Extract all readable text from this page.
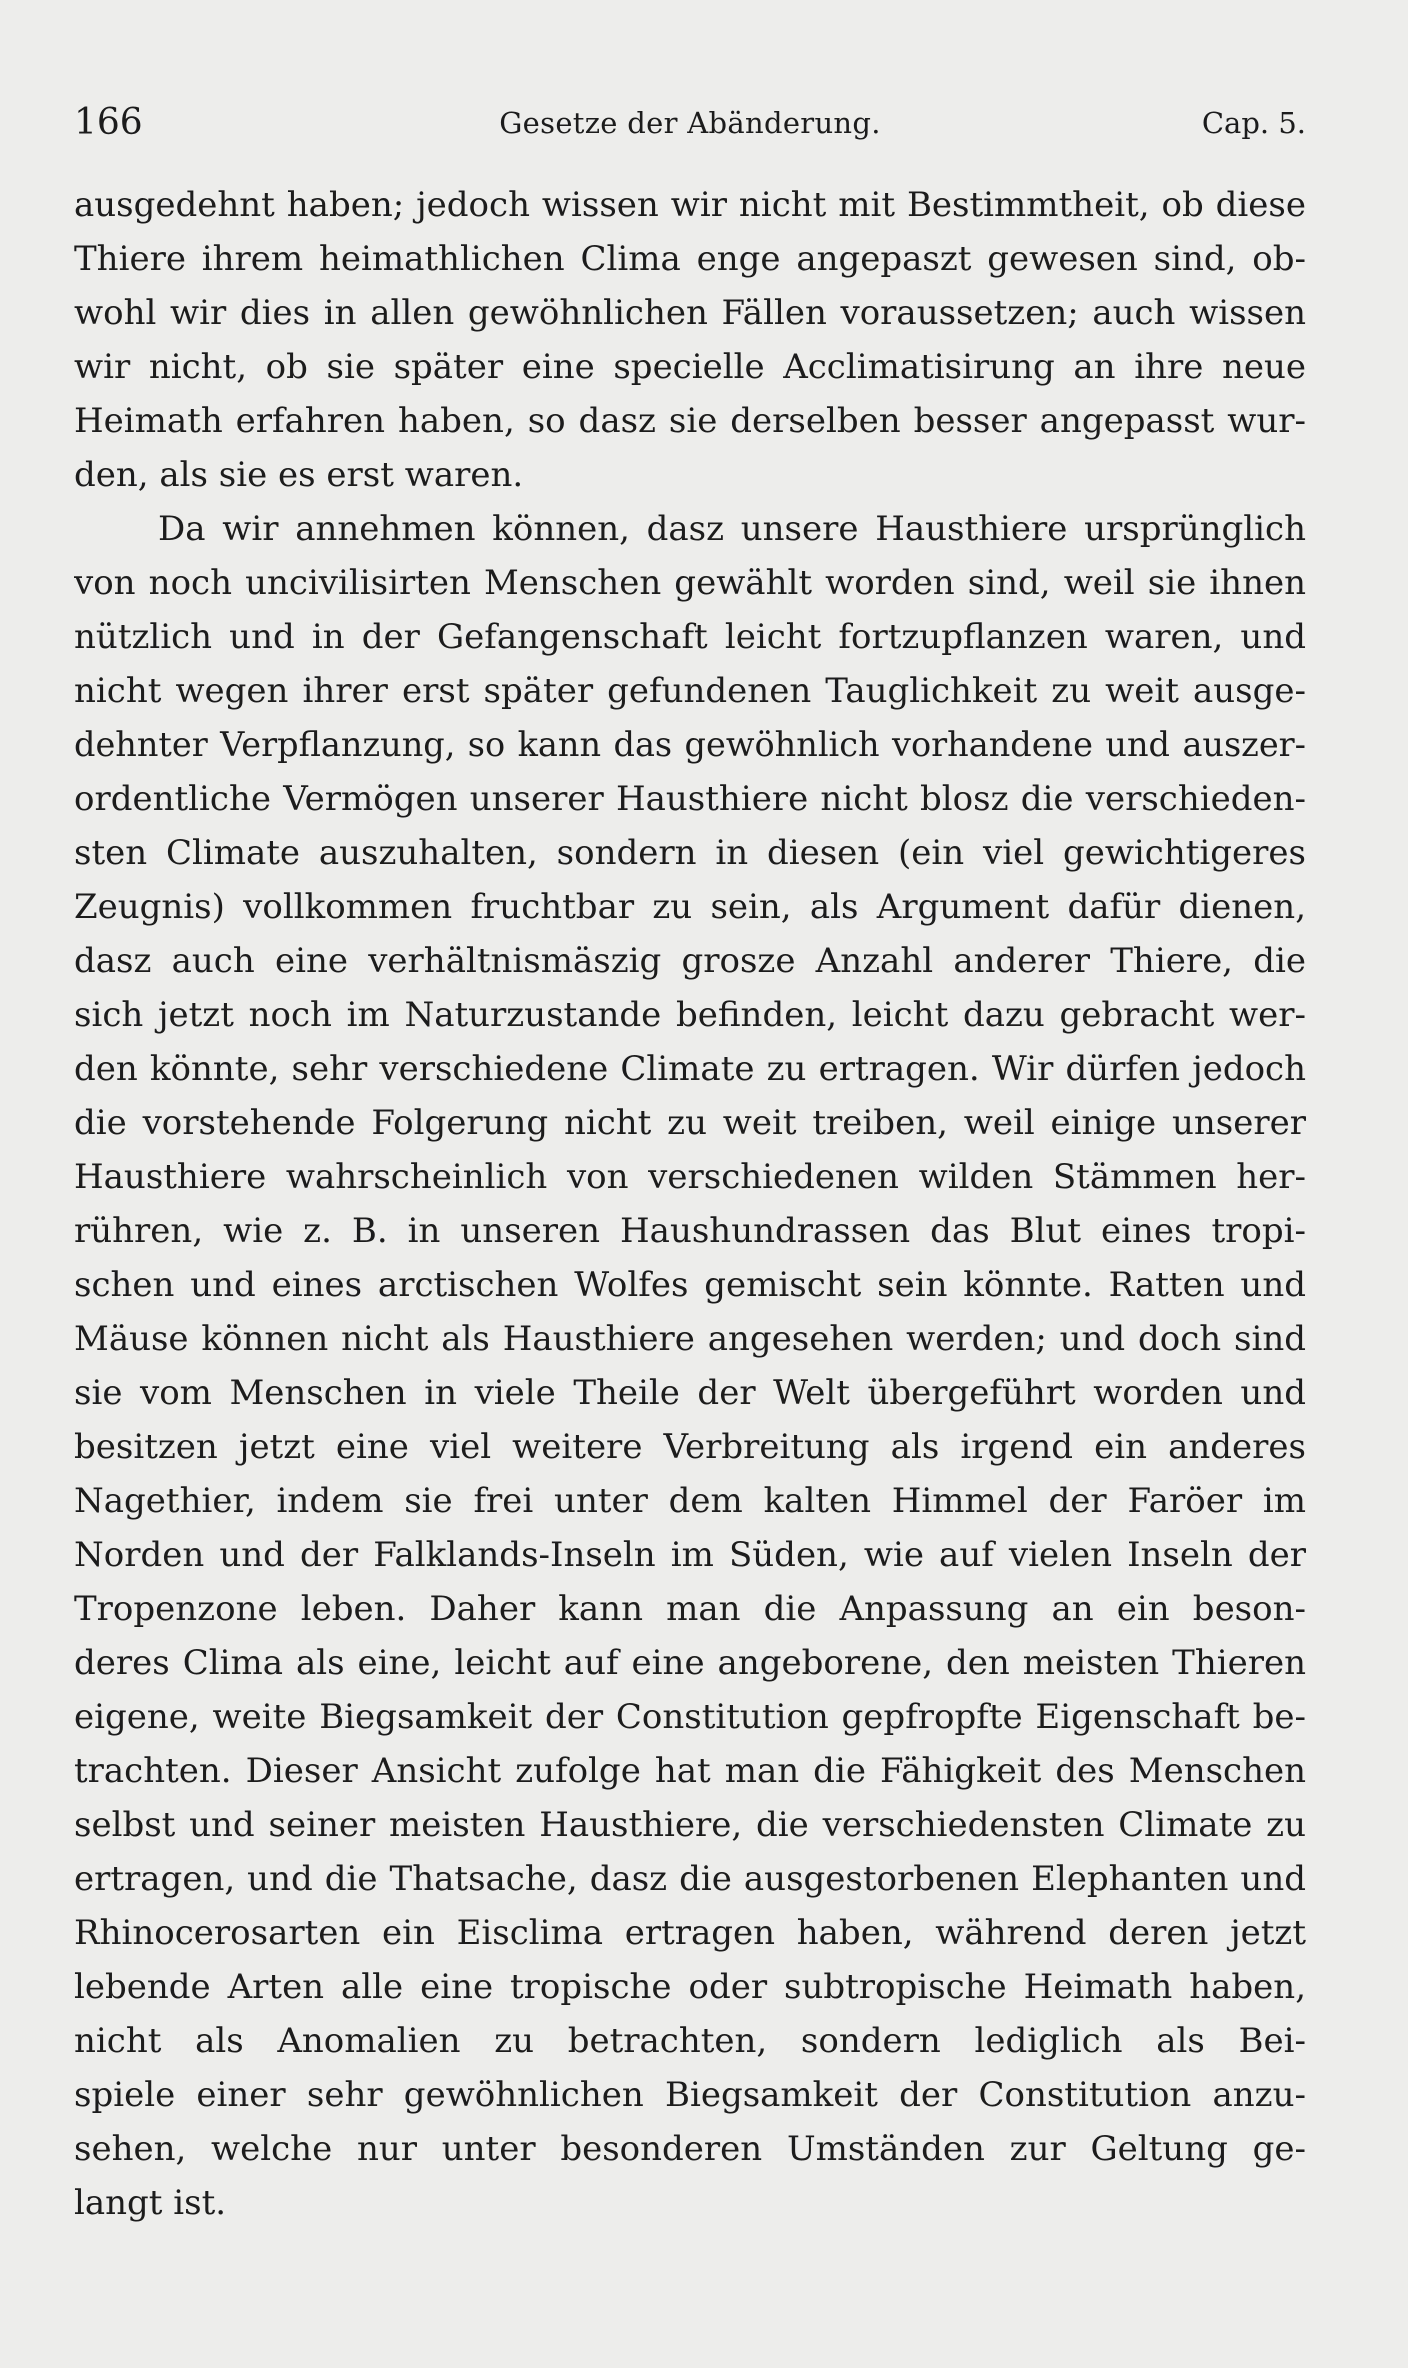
166	Gesetze der Abänderung.	Cap. 5.
ausgedehnt haben; jedoch wissen wir nicht mit Bestimmtheit, ob diese
Thiere ihrem heimathlichen Clima enge angepaszt gewesen sind, ob-
wohl wir dies in allen gewöhnlichen Fällen voraussetzen; auch wissen
wir nicht, ob sie später eine specielle Acclimatisirung an ihre neue
Heimath erfahren haben, so dasz sie derselben besser angepasst wur-
den, als sie es erst waren.
Da wir annehmen können, dasz unsere Hausthiere ursprünglich
von noch uncivilisirten Menschen gewählt worden sind, weil sie ihnen
nützlich und in der Gefangenschaft leicht fortzupflanzen waren, und
nicht wegen ihrer erst später gefundenen Tauglichkeit zu weit ausge-
dehnter Verpflanzung, so kann das gewöhnlich vorhandene und auszer-
ordentliche Vermögen unserer Hausthiere nicht blosz die verschieden-
sten Climate auszuhalten, sondern in diesen (ein viel gewichtigeres
Zeugnis) vollkommen fruchtbar zu sein, als Argument dafür dienen,
dasz auch eine verhältnismäszig grosze Anzahl anderer Thiere, die
sich jetzt noch im Naturzustande befinden, leicht dazu gebracht wer-
den könnte, sehr verschiedene Climate zu ertragen. Wir dürfen jedoch
die vorstehende Folgerung nicht zu weit treiben, weil einige unserer
Hausthiere wahrscheinlich von verschiedenen wilden Stämmen her-
rühren, wie z. B. in unseren Haushundrassen das Blut eines tropi-
schen und eines arctischen Wolfes gemischt sein könnte. Ratten und
Mäuse können nicht als Hausthiere angesehen werden; und doch sind
sie vom Menschen in viele Theile der Welt übergeführt worden und
besitzen jetzt eine viel weitere Verbreitung als irgend ein anderes
Nagethier, indem sie frei unter dem kalten Himmel der Faröer im
Norden und der Falklands-Inseln im Süden, wie auf vielen Inseln der
Tropenzone leben. Daher kann man die Anpassung an ein beson-
deres Clima als eine, leicht auf eine angeborene, den meisten Thieren
eigene, weite Biegsamkeit der Constitution gepfropfte Eigenschaft be-
trachten. Dieser Ansicht zufolge hat man die Fähigkeit des Menschen
selbst und seiner meisten Hausthiere, die verschiedensten Climate zu
ertragen, und die Thatsache, dasz die ausgestorbenen Elephanten und
Rhinocerosarten ein Eisclima ertragen haben, während deren jetzt
lebende Arten alle eine tropische oder subtropische Heimath haben,
nicht als Anomalien zu betrachten, sondern lediglich als Bei-
spiele einer sehr gewöhnlichen Biegsamkeit der Constitution anzu-
sehen, welche nur unter besonderen Umständen zur Geltung ge-
langt ist.
